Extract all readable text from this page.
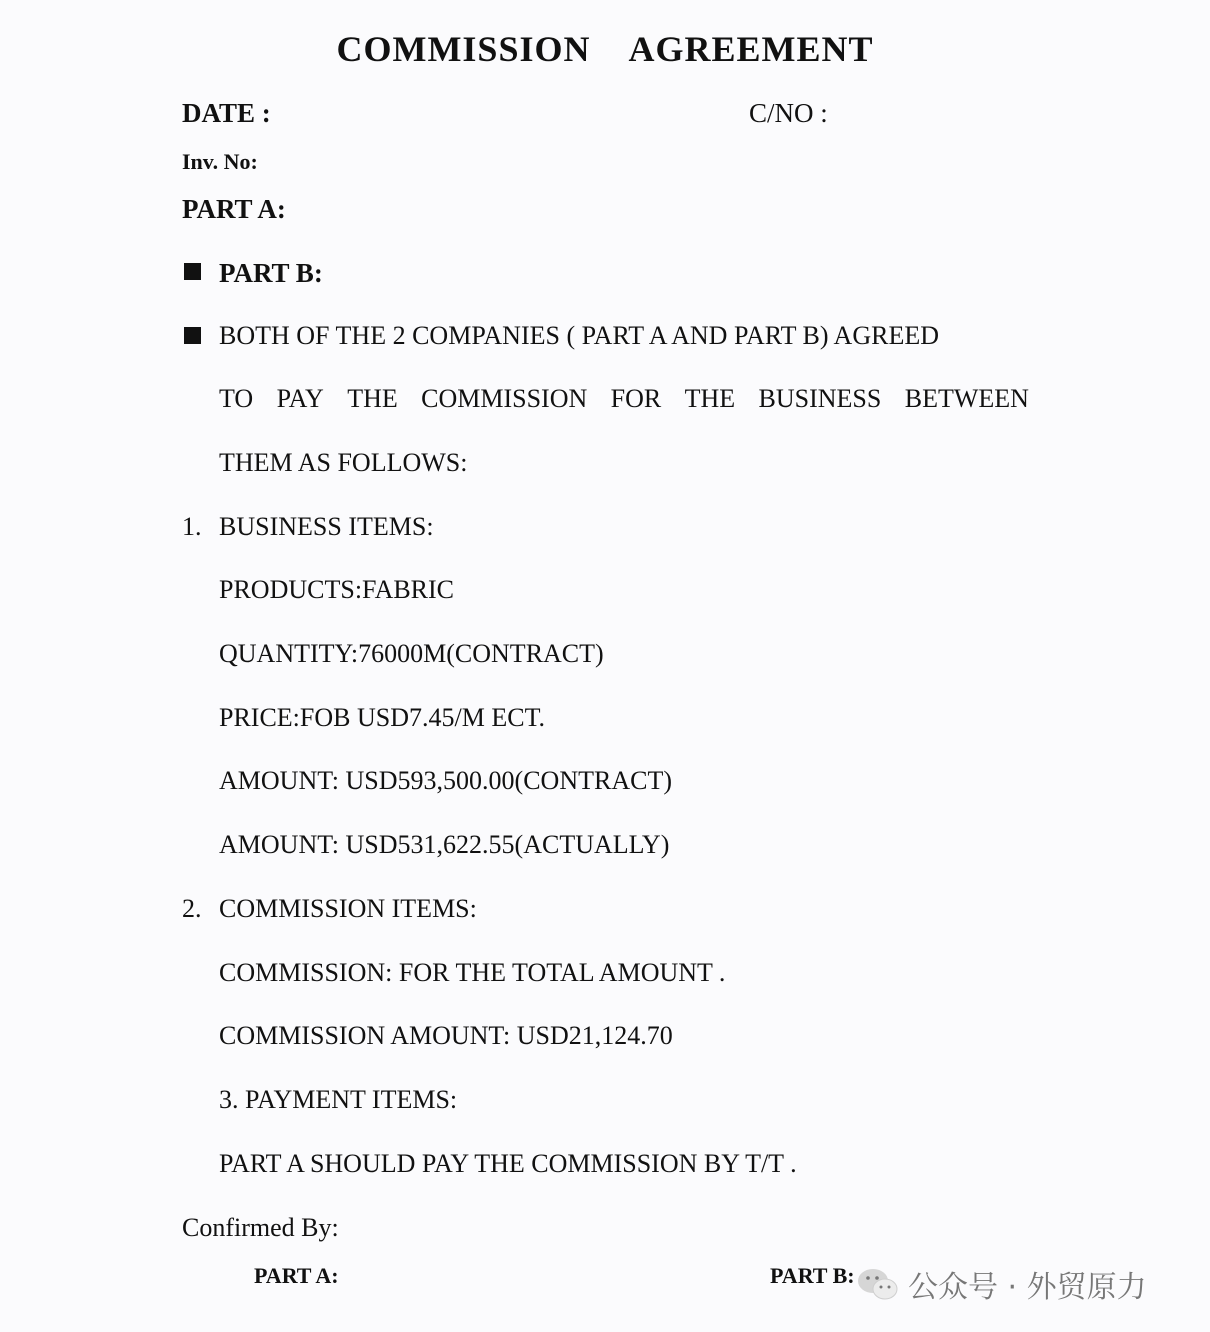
COMMISSION AGREEMENT
DATE :	C/NO :
Inv. No:
PART A:
PART B:
BOTH OF THE 2 COMPANIES ( PART A AND PART B) AGREED
TO PAY THE COMMISSION FOR THE BUSINESS BETWEEN
THEM AS FOLLOWS:
1. BUSINESS ITEMS:
PRODUCTS:FABRIC
QUANTITY:76000M(CONTRACT)
PRICE:FOB USD7.45/M ECT.
AMOUNT: USD593,500.00(CONTRACT)
AMOUNT: USD531,622.55(ACTUALLY)
2. COMMISSION ITEMS:
COMMISSION: FOR THE TOTAL AMOUNT .
COMMISSION AMOUNT: USD21,124.70
3. PAYMENT ITEMS:
PART A SHOULD PAY THE COMMISSION BY T/T .
Confirmed By:
PART A:	PART B: 公众号 · 外贸原力
